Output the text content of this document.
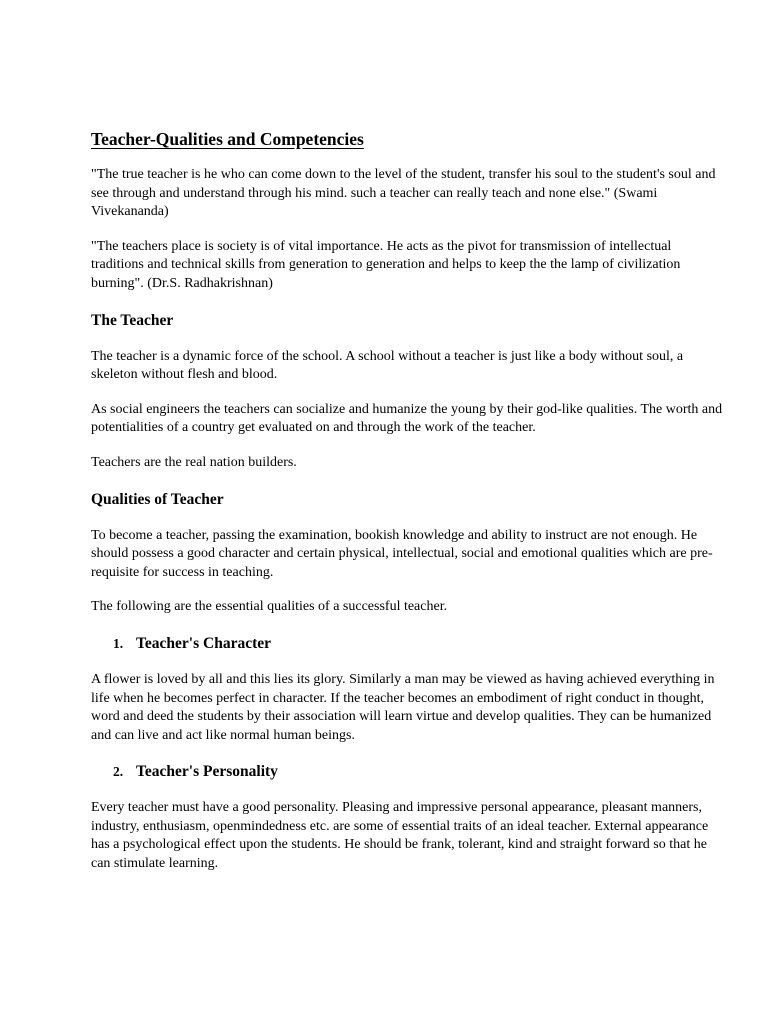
Teacher-Qualities and Competencies

"The true teacher is he who can come down to the level of the student, transfer his soul to the student's soul and see through and understand through his mind. such a teacher can really teach and none else." (Swami Vivekananda)

"The teachers place is society is of vital importance. He acts as the pivot for transmission of intellectual traditions and technical skills from generation to generation and helps to keep the the lamp of civilization burning". (Dr.S. Radhakrishnan)

The Teacher

The teacher is a dynamic force of the school. A school without a teacher is just like a body without soul, a skeleton without flesh and blood.

As social engineers the teachers can socialize and humanize the young by their god-like qualities. The worth and potentialities of a country get evaluated on and through the work of the teacher.

Teachers are the real nation builders.

Qualities of Teacher

To become a teacher, passing the examination, bookish knowledge and ability to instruct are not enough. He should possess a good character and certain physical, intellectual, social and emotional qualities which are pre-requisite for success in teaching.

The following are the essential qualities of a successful teacher.

1. Teacher's Character

A flower is loved by all and this lies its glory. Similarly a man may be viewed as having achieved everything in life when he becomes perfect in character. If the teacher becomes an embodiment of right conduct in thought, word and deed the students by their association will learn virtue and develop qualities. They can be humanized and can live and act like normal human beings.

2. Teacher's Personality

Every teacher must have a good personality. Pleasing and impressive personal appearance, pleasant manners, industry, enthusiasm, openmindedness etc. are some of essential traits of an ideal teacher. External appearance has a psychological effect upon the students. He should be frank, tolerant, kind and straight forward so that he can stimulate learning.
